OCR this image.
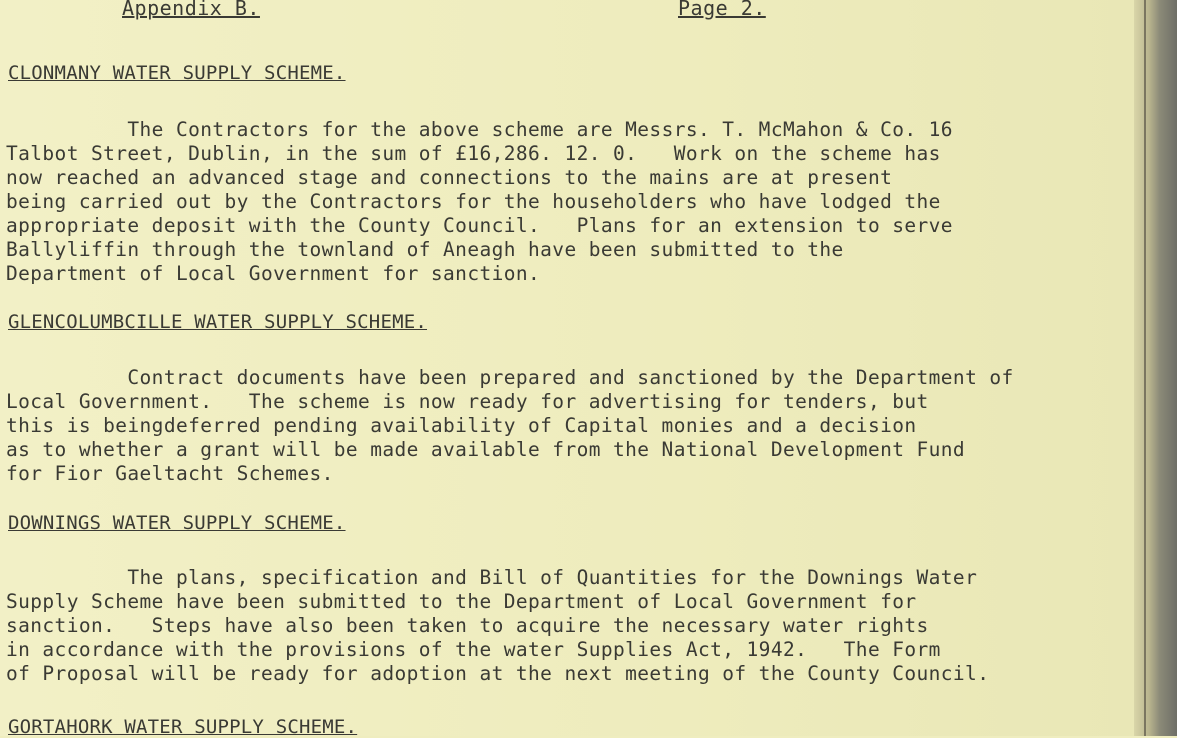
Appendix B.	Page 2.
CLONMANY WATER SUPPLY SCHEME.
The Contractors for the above scheme are Messrs. T. McMahon & Co. 16
Talbot Street, Dublin, in the sum of £16,286. 12. 0.   Work on the scheme has
now reached an advanced stage and connections to the mains are at present
being carried out by the Contractors for the householders who have lodged the
appropriate deposit with the County Council.   Plans for an extension to serve
Ballyliffin through the townland of Aneagh have been submitted to the
Department of Local Government for sanction.
GLENCOLUMBCILLE WATER SUPPLY SCHEME.
Contract documents have been prepared and sanctioned by the Department of
Local Government.   The scheme is now ready for advertising for tenders, but
this is beingdeferred pending availability of Capital monies and a decision
as to whether a grant will be made available from the National Development Fund
for Fior Gaeltacht Schemes.
DOWNINGS WATER SUPPLY SCHEME.
The plans, specification and Bill of Quantities for the Downings Water
Supply Scheme have been submitted to the Department of Local Government for
sanction.   Steps have also been taken to acquire the necessary water rights
in accordance with the provisions of the water Supplies Act, 1942.   The Form
of Proposal will be ready for adoption at the next meeting of the County Council.
GORTAHORK WATER SUPPLY SCHEME.
